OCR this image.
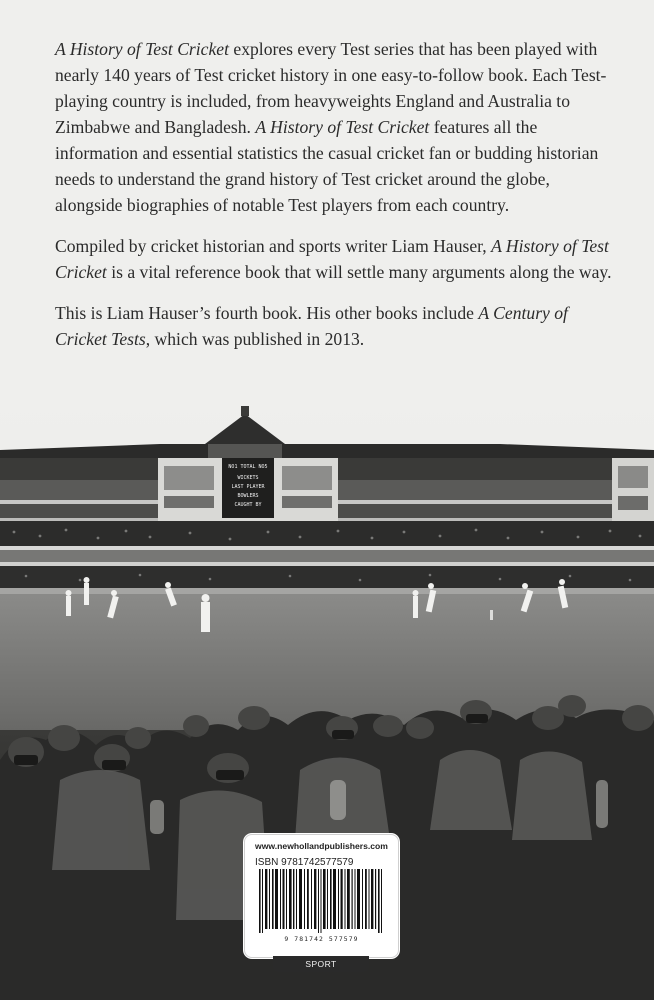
A History of Test Cricket explores every Test series that has been played with nearly 140 years of Test cricket history in one easy-to-follow book. Each Test-playing country is included, from heavyweights England and Australia to Zimbabwe and Bangladesh. A History of Test Cricket features all the information and essential statistics the casual cricket fan or budding historian needs to understand the grand history of Test cricket around the globe, alongside biographies of notable Test players from each country.

Compiled by cricket historian and sports writer Liam Hauser, A History of Test Cricket is a vital reference book that will settle many arguments along the way.

This is Liam Hauser’s fourth book. His other books include A Century of Cricket Tests, which was published in 2013.

NO1 TOTAL NO5
WICKETS
LAST PLAYER
BOWLERS
CAUGHT BY
www.newhollandpublishers.com
ISBN 9781742577579
9 781742 577579
SPORT
